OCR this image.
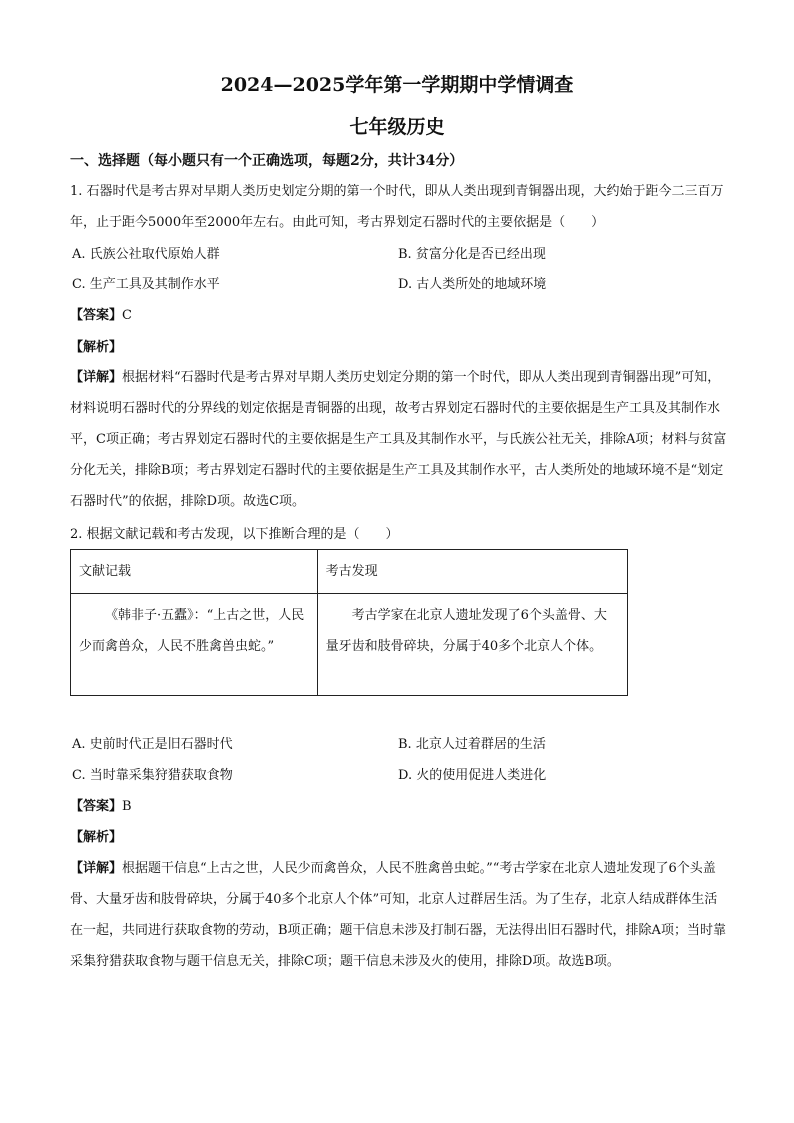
2024—2025学年第一学期期中学情调查
七年级历史
一、选择题（每小题只有一个正确选项，每题2分，共计34分）
1. 石器时代是考古界对早期人类历史划定分期的第一个时代，即从人类出现到青铜器出现，大约始于距今二三百万年，止于距今5000年至2000年左右。由此可知，考古界划定石器时代的主要依据是（　　）
A. 氏族公社取代原始人群	B. 贫富分化是否已经出现
C. 生产工具及其制作水平	D. 古人类所处的地域环境
【答案】C
【解析】
【详解】根据材料“石器时代是考古界对早期人类历史划定分期的第一个时代，即从人类出现到青铜器出现”可知，材料说明石器时代的分界线的划定依据是青铜器的出现，故考古界划定石器时代的主要依据是生产工具及其制作水平，C项正确；考古界划定石器时代的主要依据是生产工具及其制作水平，与氏族公社无关，排除A项；材料与贫富分化无关，排除B项；考古界划定石器时代的主要依据是生产工具及其制作水平，古人类所处的地域环境不是“划定石器时代”的依据，排除D项。故选C项。
2. 根据文献记载和考古发现，以下推断合理的是（　　）
文献记载	考古发现
《韩非子·五蠹》：“上古之世，人民少而禽兽众，人民不胜禽兽虫蛇。”	考古学家在北京人遗址发现了6个头盖骨、大量牙齿和肢骨碎块，分属于40多个北京人个体。
A. 史前时代正是旧石器时代	B. 北京人过着群居的生活
C. 当时靠采集狩猎获取食物	D. 火的使用促进人类进化
【答案】B
【解析】
【详解】根据题干信息“上古之世，人民少而禽兽众，人民不胜禽兽虫蛇。”“考古学家在北京人遗址发现了6个头盖骨、大量牙齿和肢骨碎块，分属于40多个北京人个体”可知，北京人过群居生活。为了生存，北京人结成群体生活在一起，共同进行获取食物的劳动，B项正确；题干信息未涉及打制石器，无法得出旧石器时代，排除A项；当时靠采集狩猎获取食物与题干信息无关，排除C项；题干信息未涉及火的使用，排除D项。故选B项。
